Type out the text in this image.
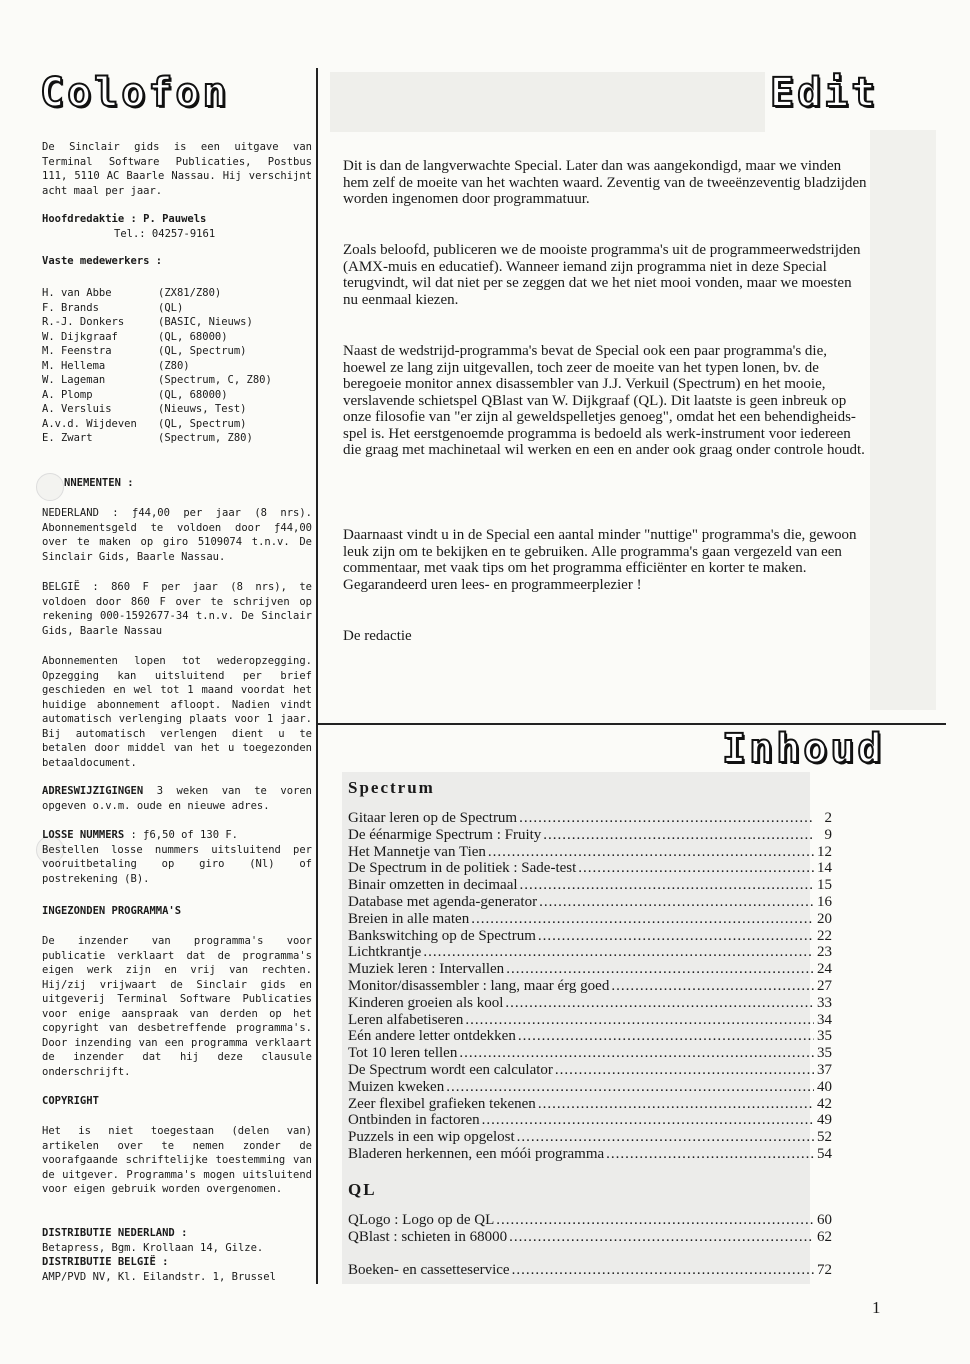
Colofon

De Sinclair gids is een uitgave van Terminal Software Publicaties, Postbus 111, 5110 AC Baarle Nassau. Hij verschijnt acht maal per jaar.

Hoofdredaktie : P. Pauwels

Tel.: 04257-9161

Vaste medewerkers :

H. van Abbe	(ZX81/Z80)
F. Brands	(QL)
R.-J. Donkers	(BASIC, Nieuws)
W. Dijkgraaf	(QL, 68000)
M. Feenstra	(QL, Spectrum)
M. Hellema	(Z80)
W. Lageman	(Spectrum, C, Z80)
A. Plomp	(QL, 68000)
A. Versluis	(Nieuws, Test)
A.v.d. Wijdeven	(QL, Spectrum)
E. Zwart	(Spectrum, Z80)

NNEMENTEN :

NEDERLAND : ƒ44,00 per jaar (8 nrs). Abonnementsgeld te voldoen door ƒ44,00 over te maken op giro 5109074 t.n.v. De Sinclair Gids, Baarle Nassau.

BELGIË : 860 F per jaar (8 nrs), te voldoen door 860 F over te schrijven op rekening 000-1592677-34 t.n.v. De Sinclair Gids, Baarle Nassau

Abonnementen lopen tot wederopzegging. Opzegging kan uitsluitend per brief geschieden en wel tot 1 maand voordat het huidige abonnement afloopt. Nadien vindt automatisch verlenging plaats voor 1 jaar. Bij automatisch verlengen dient u te betalen door middel van het u toegezonden betaaldocument.

ADRESWIJZIGINGEN 3 weken van te voren opgeven o.v.m. oude en nieuwe adres.

LOSSE NUMMERS : ƒ6,50 of 130 F.

Bestellen losse nummers uitsluitend per vooruitbetaling op giro (Nl) of postrekening (B).

INGEZONDEN PROGRAMMA'S

De inzender van programma's voor publicatie verklaart dat de programma's eigen werk zijn en vrij van rechten. Hij/zij vrijwaart de Sinclair gids en uitgeverij Terminal Software Publicaties voor enige aanspraak van derden op het copyright van desbetreffende programma's. Door inzending van een programma verklaart de inzender dat hij deze clausule onderschrijft.

COPYRIGHT

Het is niet toegestaan (delen van) artikelen over te nemen zonder de voorafgaande schriftelijke toestemming van de uitgever. Programma's mogen uitsluitend voor eigen gebruik worden overgenomen.

DISTRIBUTIE NEDERLAND :

Betapress, Bgm. Krollaan 14, Gilze.

DISTRIBUTIE BELGIË :

AMP/PVD NV, Kl. Eilandstr. 1, Brussel

Edit

Dit is dan de langverwachte Special. Later dan was aangekondigd, maar we vinden hem zelf de moeite van het wachten waard. Zeventig van de tweeënzeventig bladzijden worden ingenomen door programmatuur.

Zoals beloofd, publiceren we de mooiste programma's uit de programmeerwedstrijden (AMX-muis en educatief). Wanneer iemand zijn programma niet in deze Special terugvindt, wil dat niet per se zeggen dat we het niet mooi vonden, maar we moesten nu eenmaal kiezen.

Naast de wedstrijd-programma's bevat de Special ook een paar programma's die, hoewel ze lang zijn uitgevallen, toch zeer de moeite van het typen lonen, bv. de beregoeie monitor annex disassembler van J.J. Verkuil (Spectrum) en het mooie, verslavende schietspel QBlast van W. Dijkgraaf (QL). Dit laatste is geen inbreuk op onze filosofie van "er zijn al geweldspelletjes genoeg", omdat het een behendigheids-spel is. Het eerstgenoemde programma is bedoeld als werk-instrument voor iedereen die graag met machinetaal wil werken en een en ander ook graag onder controle houdt.

Daarnaast vindt u in de Special een aantal minder "nuttige" programma's die, gewoon leuk zijn om te bekijken en te gebruiken. Alle programma's gaan vergezeld van een commentaar, met vaak tips om het programma efficiënter en korter te maken. Gegarandeerd uren lees- en programmeerplezier !

De redactie

Inhoud
Spectrum
Gitaar leren op de Spectrum .....	2
De éénarmige Spectrum : Fruity .....	9
Het Mannetje van Tien .....	12
De Spectrum in de politiek : Sade-test .....	14
Binair omzetten in decimaal .....	15
Database met agenda-generator .....	16
Breien in alle maten .....	20
Bankswitching op de Spectrum .....	22
Lichtkrantje .....	23
Muziek leren : Intervallen .....	24
Monitor/disassembler : lang, maar érg goed .....	27
Kinderen groeien als kool .....	33
Leren alfabetiseren .....	34
Eén andere letter ontdekken .....	35
Tot 10 leren tellen .....	35
De Spectrum wordt een calculator .....	37
Muizen kweken .....	40
Zeer flexibel grafieken tekenen .....	42
Ontbinden in factoren .....	49
Puzzels in een wip opgelost .....	52
Bladeren herkennen, een móói programma .....	54
QL
QLogo : Logo op de QL .....	60
QBlast : schieten in 68000 .....	62
Boeken- en cassetteservice .....	72
1
